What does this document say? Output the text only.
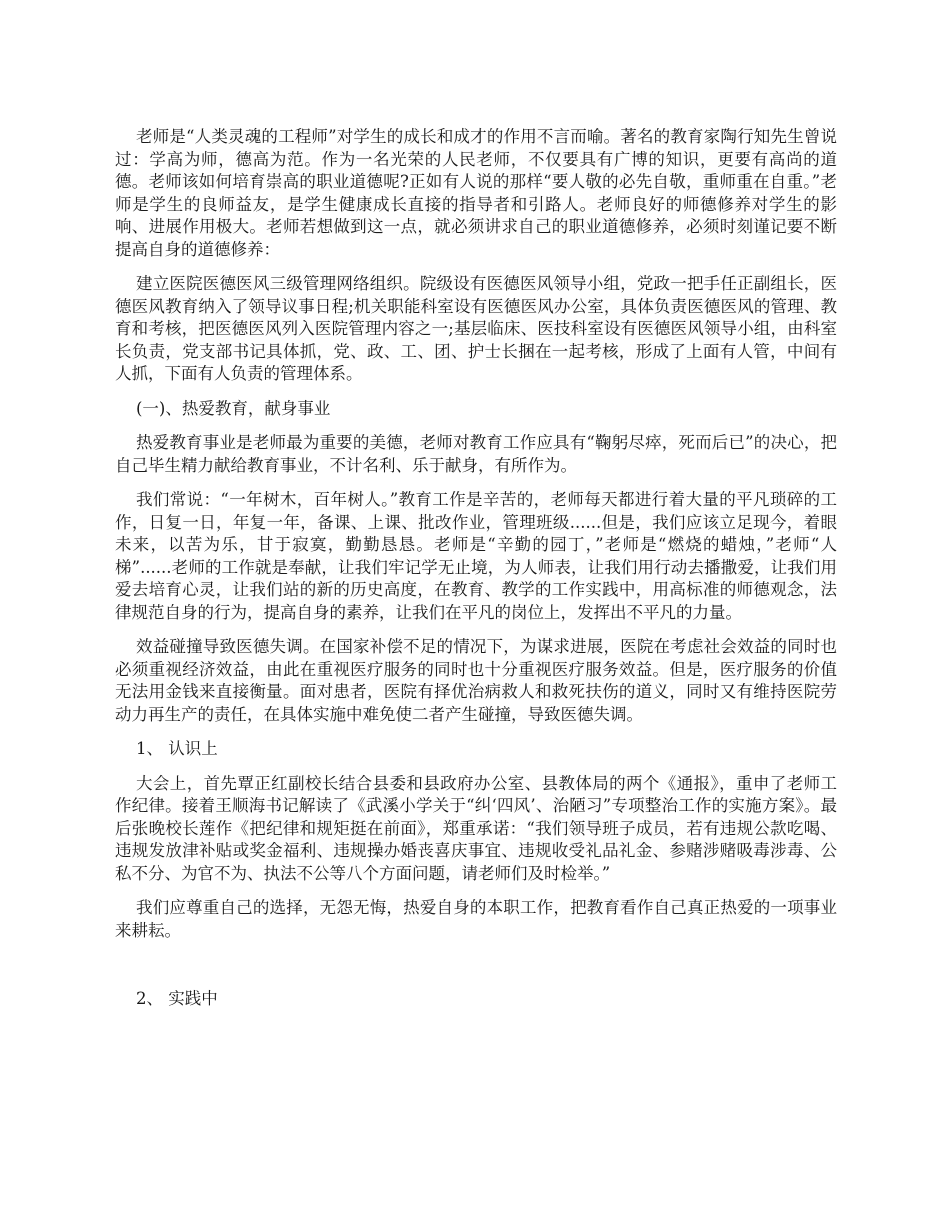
老师是“人类灵魂的工程师”对学生的成长和成才的作用不言而喻。著名的教育家陶行知先生曾说过：学高为师，德高为范。作为一名光荣的人民老师，不仅要具有广博的知识，更要有高尚的道德。老师该如何培育崇高的职业道德呢?正如有人说的那样“要人敬的必先自敬，重师重在自重。”老师是学生的良师益友，是学生健康成长直接的指导者和引路人。老师良好的师德修养对学生的影响、进展作用极大。老师若想做到这一点，就必须讲求自己的职业道德修养，必须时刻谨记要不断提高自身的道德修养：

建立医院医德医风三级管理网络组织。院级设有医德医风领导小组，党政一把手任正副组长，医德医风教育纳入了领导议事日程;机关职能科室设有医德医风办公室，具体负责医德医风的管理、教育和考核，把医德医风列入医院管理内容之一;基层临床、医技科室设有医德医风领导小组，由科室长负责，党支部书记具体抓，党、政、工、团、护士长捆在一起考核，形成了上面有人管，中间有人抓，下面有人负责的管理体系。

(一)、热爱教育，献身事业

热爱教育事业是老师最为重要的美德，老师对教育工作应具有“鞠躬尽瘁，死而后已”的决心，把自己毕生精力献给教育事业，不计名利、乐于献身，有所作为。

我们常说：“一年树木，百年树人。”教育工作是辛苦的，老师每天都进行着大量的平凡琐碎的工作，日复一日，年复一年，备课、上课、批改作业，管理班级......但是，我们应该立足现今，着眼未来，以苦为乐，甘于寂寞，勤勤恳恳。老师是“辛勤的园丁，”老师是“燃烧的蜡烛，”老师“人梯”......老师的工作就是奉献，让我们牢记学无止境，为人师表，让我们用行动去播撒爱，让我们用爱去培育心灵，让我们站的新的历史高度，在教育、教学的工作实践中，用高标准的师德观念，法律规范自身的行为，提高自身的素养，让我们在平凡的岗位上，发挥出不平凡的力量。

效益碰撞导致医德失调。在国家补偿不足的情况下，为谋求进展，医院在考虑社会效益的同时也必须重视经济效益，由此在重视医疗服务的同时也十分重视医疗服务效益。但是，医疗服务的价值无法用金钱来直接衡量。面对患者，医院有择优治病救人和救死扶伤的道义，同时又有维持医院劳动力再生产的责任，在具体实施中难免使二者产生碰撞，导致医德失调。

1、 认识上

大会上，首先覃正红副校长结合县委和县政府办公室、县教体局的两个《通报》，重申了老师工作纪律。接着王顺海书记解读了《武溪小学关于“纠‘四风’、治陋习”专项整治工作的实施方案》。最后张晚校长莲作《把纪律和规矩挺在前面》，郑重承诺：“我们领导班子成员，若有违规公款吃喝、违规发放津补贴或奖金福利、违规操办婚丧喜庆事宜、违规收受礼品礼金、参赌涉赌吸毒涉毒、公私不分、为官不为、执法不公等八个方面问题，请老师们及时检举。”

我们应尊重自己的选择，无怨无悔，热爱自身的本职工作，把教育看作自己真正热爱的一项事业来耕耘。

2、 实践中
